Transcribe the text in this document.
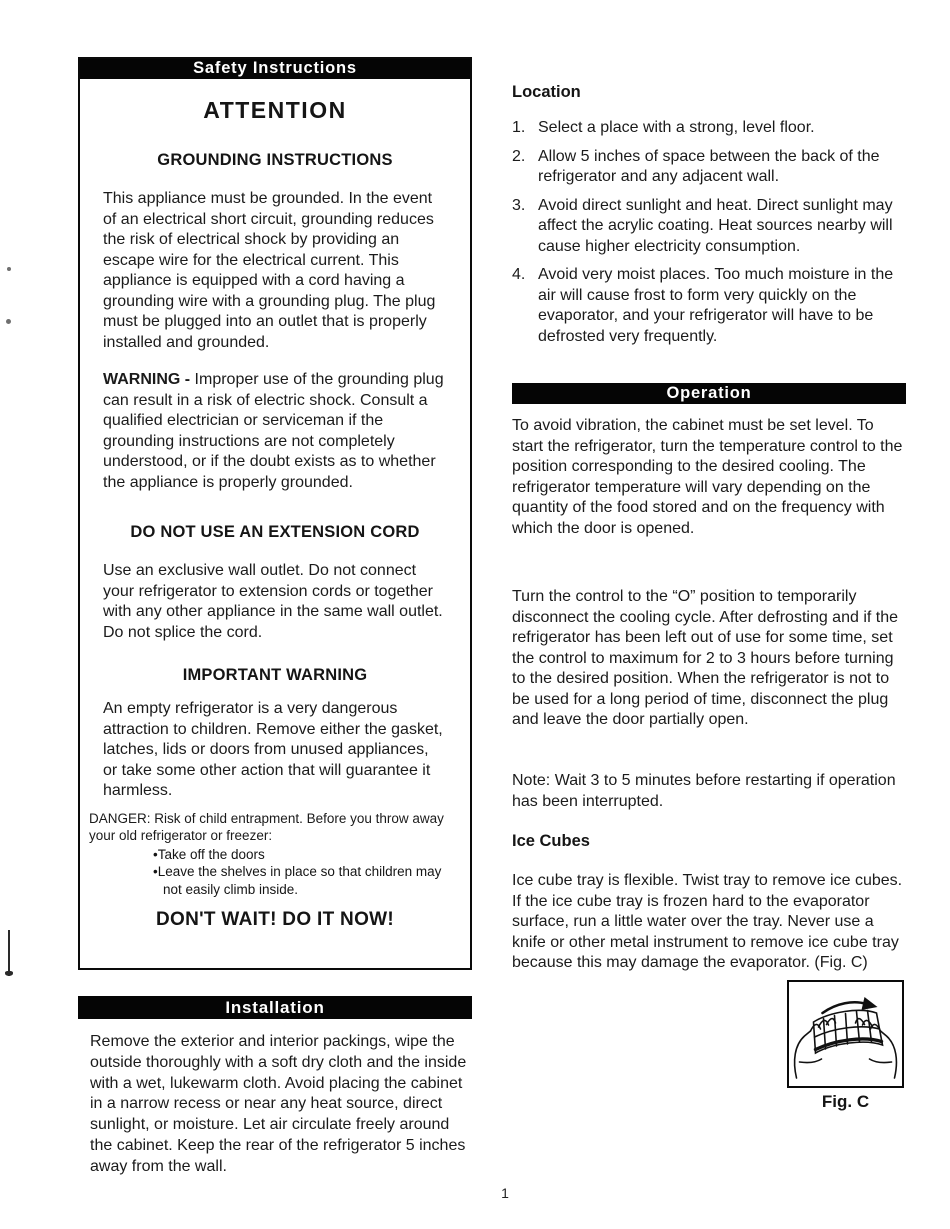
Safety Instructions
ATTENTION
GROUNDING INSTRUCTIONS

This appliance must be grounded. In the event of an electrical short circuit, grounding reduces the risk of electrical shock by providing an escape wire for the electrical current. This appliance is equipped with a cord having a grounding wire with a grounding plug. The plug must be plugged into an outlet that is properly installed and grounded.

WARNING - Improper use of the grounding plug can result in a risk of electric shock. Consult a qualified electrician or serviceman if the grounding instructions are not completely understood, or if the doubt exists as to whether the appliance is properly grounded.

DO NOT USE AN EXTENSION CORD

Use an exclusive wall outlet. Do not connect your refrigerator to extension cords or together with any other appliance in the same wall outlet. Do not splice the cord.

IMPORTANT WARNING

An empty refrigerator is a very dangerous attraction to children. Remove either the gasket, latches, lids or doors from unused appliances, or take some other action that will guarantee it harmless.

DANGER: Risk of child entrapment. Before you throw away your old refrigerator or freezer:

• Take off the doors
• Leave the shelves in place so that children may not easily climb inside.
DON'T WAIT! DO IT NOW!
Installation

Remove the exterior and interior packings, wipe the outside thoroughly with a soft dry cloth and the inside with a wet, lukewarm cloth. Avoid placing the cabinet in a narrow recess or near any heat source, direct sunlight, or moisture. Let air circulate freely around the cabinet. Keep the rear of the refrigerator 5 inches away from the wall.

Location
1. Select a place with a strong, level floor.
2. Allow 5 inches of space between the back of the refrigerator and any adjacent wall.
3. Avoid direct sunlight and heat. Direct sunlight may affect the acrylic coating. Heat sources nearby will cause higher electricity consumption.
4. Avoid very moist places. Too much moisture in the air will cause frost to form very quickly on the evaporator, and your refrigerator will have to be defrosted very frequently.
Operation

To avoid vibration, the cabinet must be set level. To start the refrigerator, turn the temperature control to the position corresponding to the desired cooling. The refrigerator temperature will vary depending on the quantity of the food stored and on the frequency with which the door is opened.

Turn the control to the “O” position to temporarily disconnect the cooling cycle. After defrosting and if the refrigerator has been left out of use for some time, set the control to maximum for 2 to 3 hours before turning to the desired position. When the refrigerator is not to be used for a long period of time, disconnect the plug and leave the door partially open.

Note: Wait 3 to 5 minutes before restarting if operation has been interrupted.

Ice Cubes

Ice cube tray is flexible. Twist tray to remove ice cubes. If the ice cube tray is frozen hard to the evaporator surface, run a little water over the tray. Never use a knife or other metal instrument to remove ice cube tray because this may damage the evaporator. (Fig. C)

Fig. C
1
